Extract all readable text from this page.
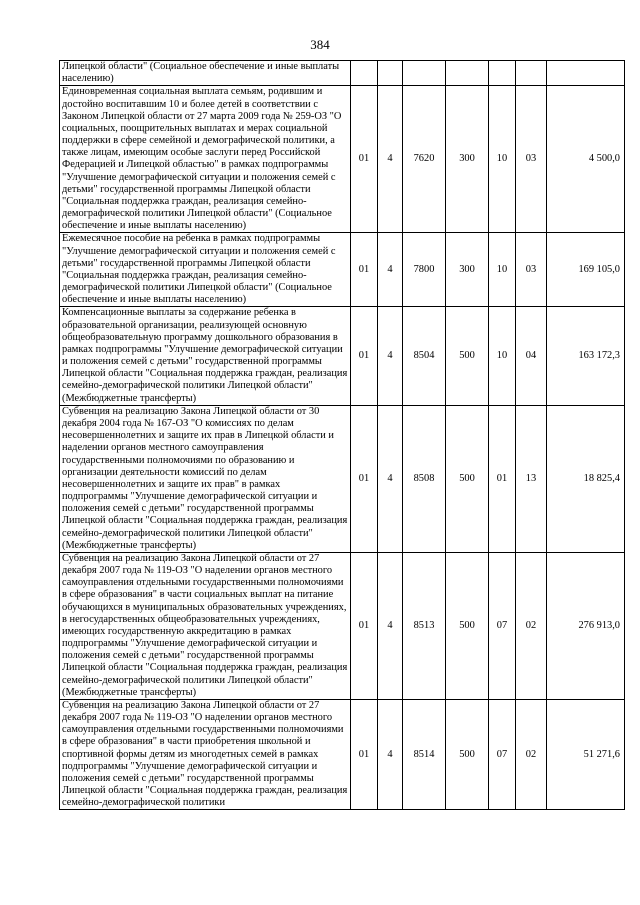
384
Липецкой области" (Социальное обеспечение и иные выплаты населению)							
Единовременная социальная выплата семьям, родившим и достойно воспитавшим 10 и более детей в соответствии с Законом Липецкой области от 27 марта 2009 года № 259-ОЗ "О социальных, поощрительных выплатах и мерах социальной поддержки в сфере семейной и демографической политики, а также лицам, имеющим особые заслуги перед Российской Федерацией и Липецкой областью" в рамках подпрограммы "Улучшение демографической ситуации и положения семей с детьми" государственной программы Липецкой области "Социальная поддержка граждан, реализация семейно-демографической политики Липецкой области" (Социальное обеспечение и иные выплаты населению)	01	4	7620	300	10	03	4 500,0
Ежемесячное пособие на ребенка в рамках подпрограммы "Улучшение демографической ситуации и положения семей с детьми" государственной программы Липецкой области "Социальная поддержка граждан, реализация семейно-демографической политики Липецкой области" (Социальное обеспечение и иные выплаты населению)	01	4	7800	300	10	03	169 105,0
Компенсационные выплаты за содержание ребенка в образовательной организации, реализующей основную общеобразовательную программу дошкольного образования в рамках подпрограммы "Улучшение демографической ситуации и положения семей с детьми" государственной программы Липецкой области "Социальная поддержка граждан, реализация семейно-демографической политики Липецкой области" (Межбюджетные трансферты)	01	4	8504	500	10	04	163 172,3
Субвенция на реализацию Закона Липецкой области от 30 декабря 2004 года № 167-ОЗ "О комиссиях по делам несовершеннолетних и защите их прав в Липецкой области и наделении органов местного самоуправления государственными полномочиями по образованию и организации деятельности комиссий по делам несовершеннолетних и защите их прав" в рамках подпрограммы "Улучшение демографической ситуации и положения семей с детьми" государственной программы Липецкой области "Социальная поддержка граждан, реализация семейно-демографической политики Липецкой области" (Межбюджетные трансферты)	01	4	8508	500	01	13	18 825,4
Субвенция на реализацию Закона Липецкой области от 27 декабря 2007 года № 119-ОЗ "О наделении органов местного самоуправления отдельными государственными полномочиями в сфере образования" в части социальных выплат на питание обучающихся в муниципальных образовательных учреждениях, в негосударственных общеобразовательных учреждениях, имеющих государственную аккредитацию в рамках подпрограммы "Улучшение демографической ситуации и положения семей с детьми" государственной программы Липецкой области "Социальная поддержка граждан, реализация семейно-демографической политики Липецкой области" (Межбюджетные трансферты)	01	4	8513	500	07	02	276 913,0
Субвенция на реализацию Закона Липецкой области от 27 декабря 2007 года № 119-ОЗ "О наделении органов местного самоуправления отдельными государственными полномочиями в сфере образования" в части приобретения школьной и спортивной формы детям из многодетных семей в рамках подпрограммы "Улучшение демографической ситуации и положения семей с детьми" государственной программы Липецкой области "Социальная поддержка граждан, реализация семейно-демографической политики	01	4	8514	500	07	02	51 271,6
